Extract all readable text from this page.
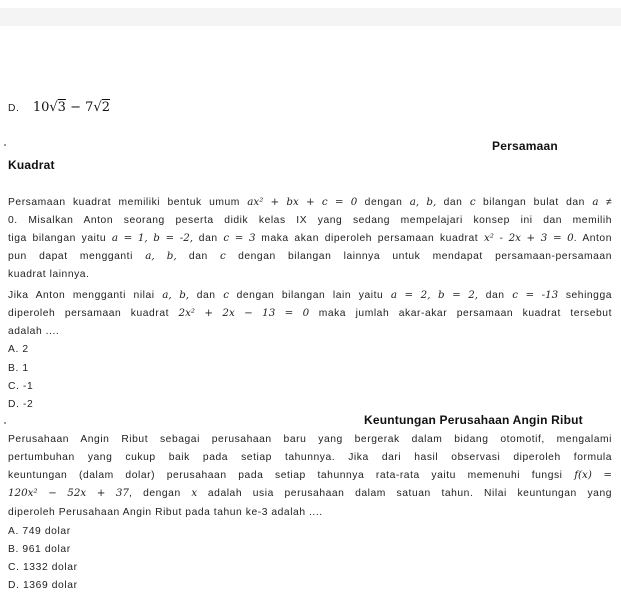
D. 10√3 − 7√2
Persamaan
Kuadrat
Persamaan kuadrat memiliki bentuk umum ax² + bx + c = 0 dengan a, b, dan c bilangan bulat dan a ≠
0. Misalkan Anton seorang peserta didik kelas IX yang sedang mempelajari konsep ini dan memilih
tiga bilangan yaitu a = 1, b = -2, dan c = 3 maka akan diperoleh persamaan kuadrat x² - 2x + 3 = 0. Anton
pun dapat mengganti a, b, dan c dengan bilangan lainnya untuk mendapat persamaan-persamaan
kuadrat lainnya.
Jika Anton mengganti nilai a, b, dan c dengan bilangan lain yaitu a = 2, b = 2, dan c = -13 sehingga
diperoleh persamaan kuadrat 2x² + 2x − 13 = 0 maka jumlah akar-akar persamaan kuadrat tersebut
adalah ....
A. 2
B. 1
C. -1
D. -2
Keuntungan Perusahaan Angin Ribut
Perusahaan Angin Ribut sebagai perusahaan baru yang bergerak dalam bidang otomotif, mengalami
pertumbuhan yang cukup baik pada setiap tahunnya. Jika dari hasil observasi diperoleh formula
keuntungan (dalam dolar) perusahaan pada setiap tahunnya rata-rata yaitu memenuhi fungsi f(x) =
120x² − 52x + 37, dengan x adalah usia perusahaan dalam satuan tahun. Nilai keuntungan yang
diperoleh Perusahaan Angin Ribut pada tahun ke-3 adalah ....
A. 749 dolar
B. 961 dolar
C. 1332 dolar
D. 1369 dolar
